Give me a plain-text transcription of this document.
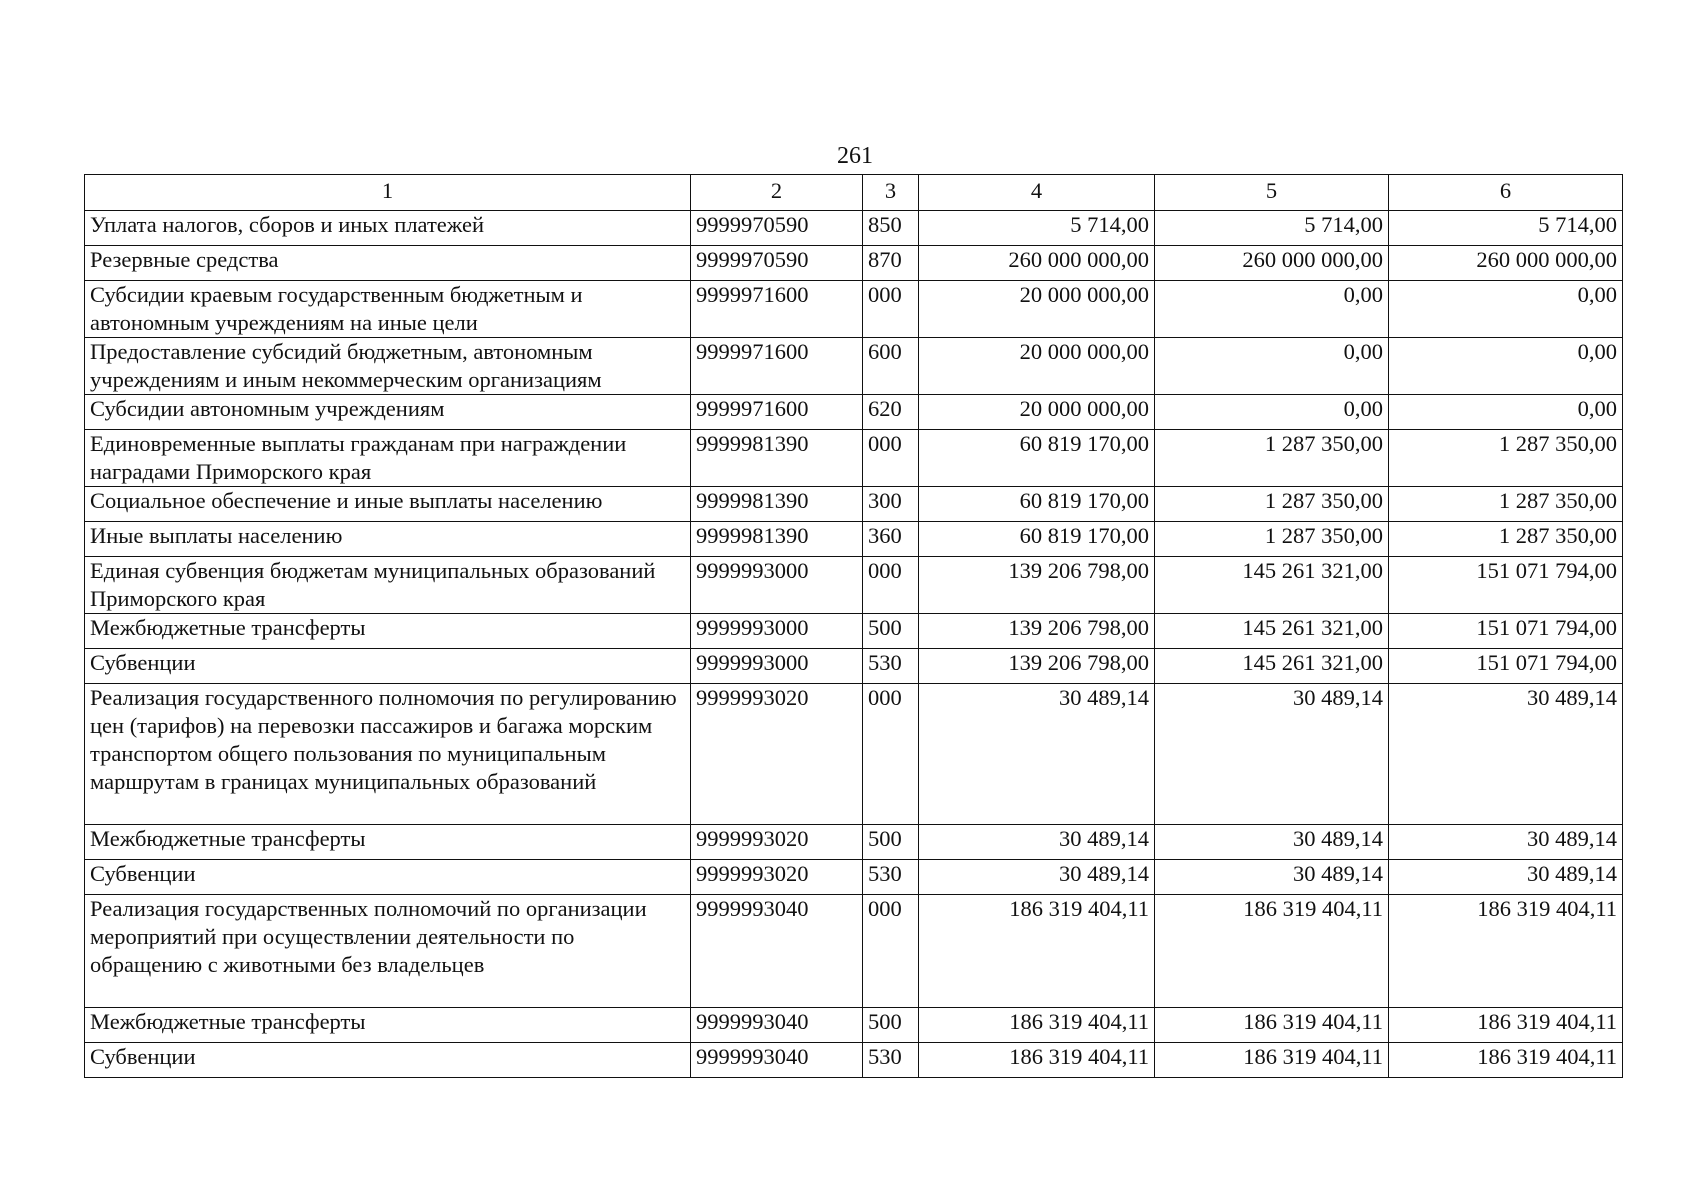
261
1	2	3	4	5	6
Уплата налогов, сборов и иных платежей	9999970590	850	5 714,00	5 714,00	5 714,00
Резервные средства	9999970590	870	260 000 000,00	260 000 000,00	260 000 000,00
Субсидии краевым государственным бюджетным и автономным учреждениям на иные цели	9999971600	000	20 000 000,00	0,00	0,00
Предоставление субсидий бюджетным, автономным учреждениям и иным некоммерческим организациям	9999971600	600	20 000 000,00	0,00	0,00
Субсидии автономным учреждениям	9999971600	620	20 000 000,00	0,00	0,00
Единовременные выплаты гражданам при награждении наградами Приморского края	9999981390	000	60 819 170,00	1 287 350,00	1 287 350,00
Социальное обеспечение и иные выплаты населению	9999981390	300	60 819 170,00	1 287 350,00	1 287 350,00
Иные выплаты населению	9999981390	360	60 819 170,00	1 287 350,00	1 287 350,00
Единая субвенция бюджетам муниципальных образований Приморского края	9999993000	000	139 206 798,00	145 261 321,00	151 071 794,00
Межбюджетные трансферты	9999993000	500	139 206 798,00	145 261 321,00	151 071 794,00
Субвенции	9999993000	530	139 206 798,00	145 261 321,00	151 071 794,00
Реализация государственного полномочия по регулированию цен (тарифов) на перевозки пассажиров и багажа морским транспортом общего пользования по муниципальным маршрутам в границах муниципальных образований	9999993020	000	30 489,14	30 489,14	30 489,14
Межбюджетные трансферты	9999993020	500	30 489,14	30 489,14	30 489,14
Субвенции	9999993020	530	30 489,14	30 489,14	30 489,14
Реализация государственных полномочий по организации мероприятий при осуществлении деятельности по обращению с животными без владельцев	9999993040	000	186 319 404,11	186 319 404,11	186 319 404,11
Межбюджетные трансферты	9999993040	500	186 319 404,11	186 319 404,11	186 319 404,11
Субвенции	9999993040	530	186 319 404,11	186 319 404,11	186 319 404,11
